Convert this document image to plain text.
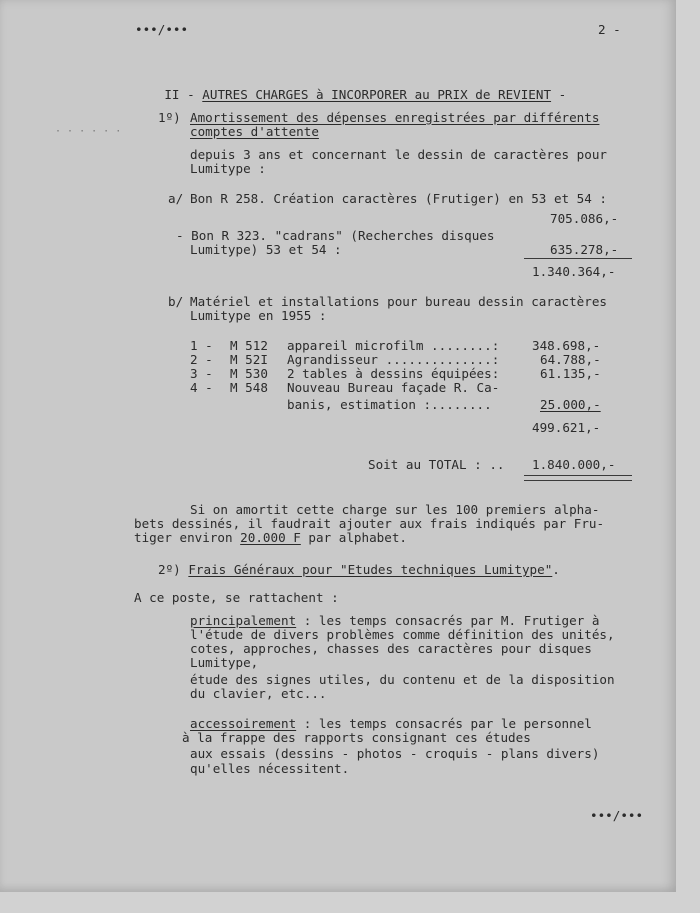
•••/•••	2 -

II - AUTRES CHARGES à INCORPORER au PRIX de REVIENT -

· · · · · ·
1º) Amortissement des dépenses enregistrées par différents
comptes d'attente
depuis 3 ans et concernant le dessin de caractères pour
Lumitype :
a/ Bon R 258. Création caractères (Frutiger) en 53 et 54 :
705.086,-
- Bon R 323. "cadrans" (Recherches disques
Lumitype) 53 et 54 :	635.278,-
1.340.364,-
b/ Matériel et installations pour bureau dessin caractères
Lumitype en 1955 :
1 - M 512 appareil microfilm ........:	348.698,-
2 - M 52I Agrandisseur ..............:	64.788,-
3 - M 530 2 tables à dessins équipées:	61.135,-
4 - M 548 Nouveau Bureau façade R. Ca-
banis, estimation :........	25.000,-
499.621,-
Soit au TOTAL : .. 1.840.000,-
Si on amortit cette charge sur les 100 premiers alpha-
bets dessinés, il faudrait ajouter aux frais indiqués par Fru-
tiger environ 20.000 F par alphabet.
2º) Frais Généraux pour "Etudes techniques Lumitype".
A ce poste, se rattachent :
principalement : les temps consacrés par M. Frutiger à
l'étude de divers problèmes comme définition des unités,
cotes, approches, chasses des caractères pour disques
Lumitype,
étude des signes utiles, du contenu et de la disposition
du clavier, etc...
accessoirement : les temps consacrés par le personnel
à la frappe des rapports consignant ces études
aux essais (dessins - photos - croquis - plans divers)
qu'elles nécessitent.
•••/•••
